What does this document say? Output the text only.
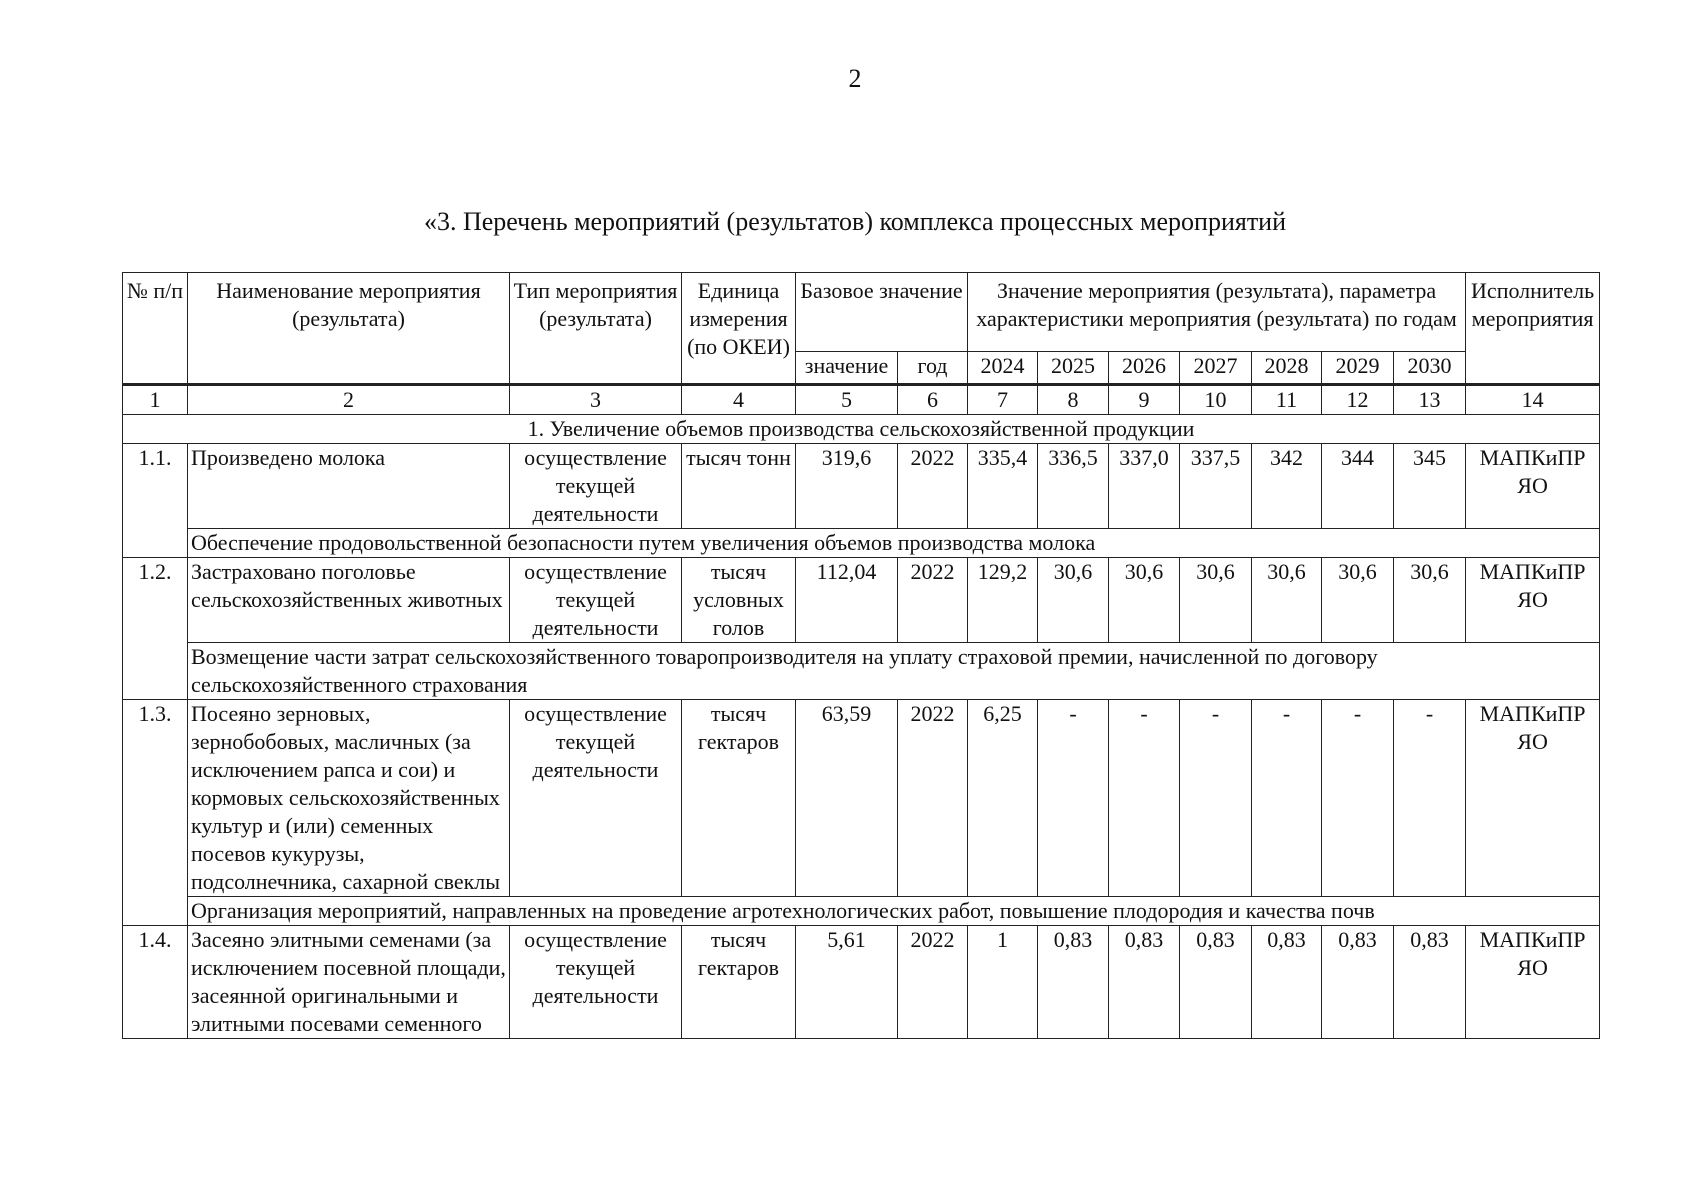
2
«3. Перечень мероприятий (результатов) комплекса процессных мероприятий
№ п/п	Наименование мероприятия (результата)	Тип мероприятия (результата)	Единица измерения (по ОКЕИ)	Базовое значение		Значение мероприятия (результата), параметра характеристики мероприятия (результата) по годам							Исполнитель мероприятия
				значение	год	2024	2025	2026	2027	2028	2029	2030	
1	2	3	4	5	6	7	8	9	10	11	12	13	14
1. Увеличение объемов производства сельскохозяйственной продукции													
1.1.	Произведено молока	осуществление текущей деятельности	тысяч тонн	319,6	2022	335,4	336,5	337,0	337,5	342	344	345	МАПКиПР ЯО
	Обеспечение продовольственной безопасности путем увеличения объемов производства молока												
1.2.	Застраховано поголовье сельскохозяйственных животных	осуществление текущей деятельности	тысяч условных голов	112,04	2022	129,2	30,6	30,6	30,6	30,6	30,6	30,6	МАПКиПР ЯО
	Возмещение части затрат сельскохозяйственного товаропроизводителя на уплату страховой премии, начисленной по договору сельскохозяйственного страхования												
1.3.	Посеяно зерновых, зернобобовых, масличных (за исключением рапса и сои) и кормовых сельскохозяйственных культур и (или) семенных посевов кукурузы, подсолнечника, сахарной свеклы	осуществление текущей деятельности	тысяч гектаров	63,59	2022	6,25	-	-	-	-	-	-	МАПКиПР ЯО
	Организация мероприятий, направленных на проведение агротехнологических работ, повышение плодородия и качества почв												
1.4.	Засеяно элитными семенами (за исключением посевной площади, засеянной оригинальными и элитными посевами семенного	осуществление текущей деятельности	тысяч гектаров	5,61	2022	1	0,83	0,83	0,83	0,83	0,83	0,83	МАПКиПР ЯО
